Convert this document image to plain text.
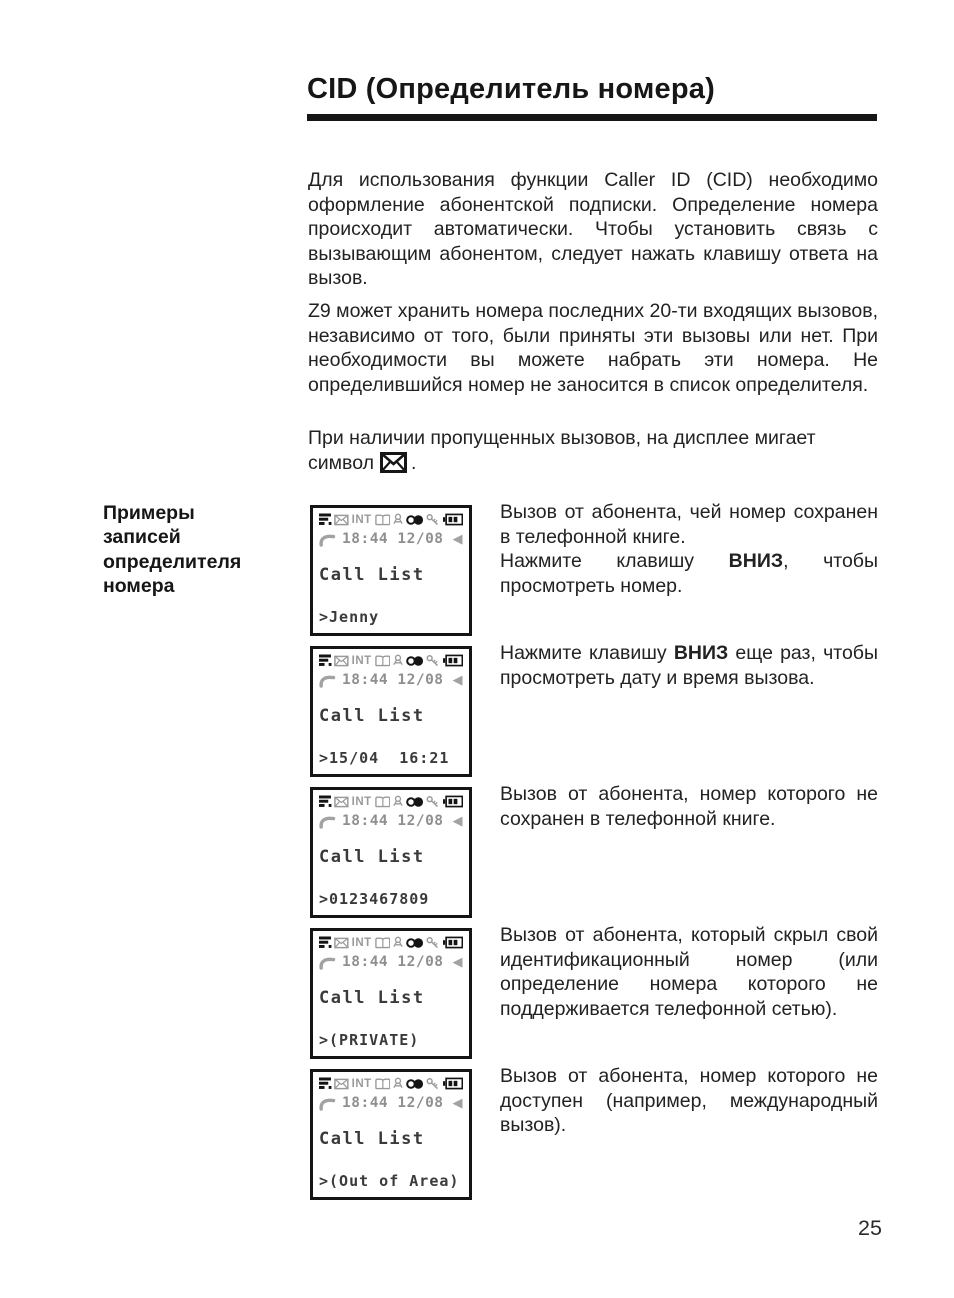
CID (Определитель номера)
Для использования функции Caller ID (CID) необходимо оформление абонентской подписки. Определение номера происходит автоматически. Чтобы установить связь с вызывающим абонентом, следует нажать клавишу ответа на вызов.
Z9 может хранить номера последних 20-ти входящих вызовов, независимо от того, были приняты эти вызовы или нет. При необходимости вы можете набрать эти номера. Не определившийся номер не заносится в список определителя.
При наличии пропущенных вызовов, на дисплее мигает символ .
Примеры
записей
определителя
номера
INT
18:44 12/08 ◀
Call List
>Jenny
Вызов от абонента, чей номер сохранен в телефонной книге.
Нажмите клавишу ВНИЗ, чтобы просмотреть номер.
INT
18:44 12/08 ◀
Call List
>15/04  16:21
Нажмите клавишу ВНИЗ еще раз, чтобы просмотреть дату и время вызова.
INT
18:44 12/08 ◀
Call List
>0123467809
Вызов от абонента, номер которого не сохранен в телефонной книге.
INT
18:44 12/08 ◀
Call List
>(PRIVATE)
Вызов от абонента, который скрыл свой идентификационный номер (или определение номера которого не поддерживается телефонной сетью).
INT
18:44 12/08 ◀
Call List
>(Out of Area)
Вызов от абонента, номер которого не доступен (например, международный вызов).
25
